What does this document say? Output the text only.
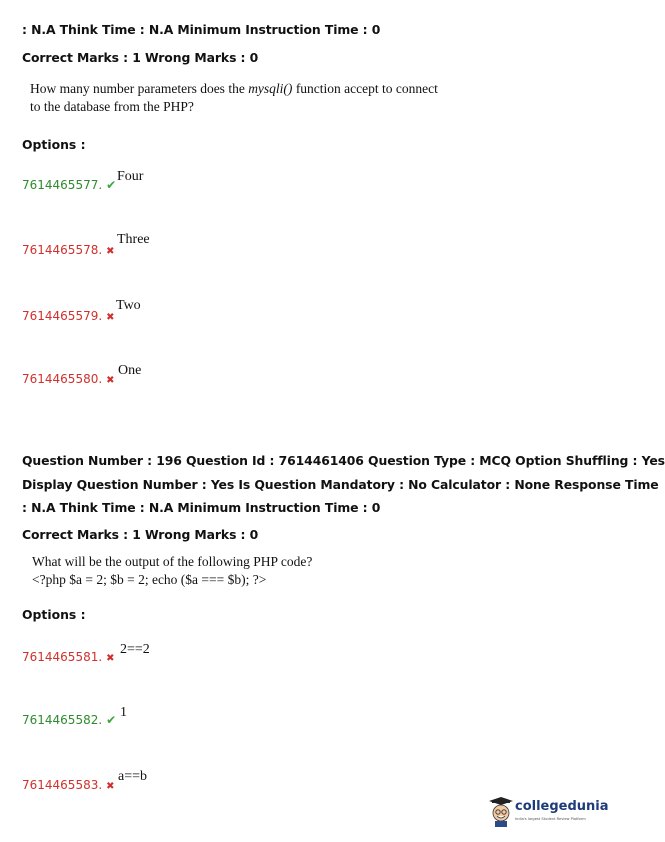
: N.A Think Time : N.A Minimum Instruction Time : 0
Correct Marks : 1 Wrong Marks : 0
How many number parameters does the mysqli() function accept to connect
to the database from the PHP?
Options :
7614465577. ✔
Four
7614465578. ✖
Three
7614465579. ✖
Two
7614465580. ✖
One
Question Number : 196 Question Id : 7614461406 Question Type : MCQ Option Shuffling : Yes
Display Question Number : Yes Is Question Mandatory : No Calculator : None Response Time
: N.A Think Time : N.A Minimum Instruction Time : 0
Correct Marks : 1 Wrong Marks : 0
What will be the output of the following PHP code?
<?php $a = 2; $b = 2; echo ($a === $b); ?>
Options :
7614465581. ✖
2==2
7614465582. ✔ 1
7614465583. ✖
a==b
collegedunia
India's largest Student Review Platform
